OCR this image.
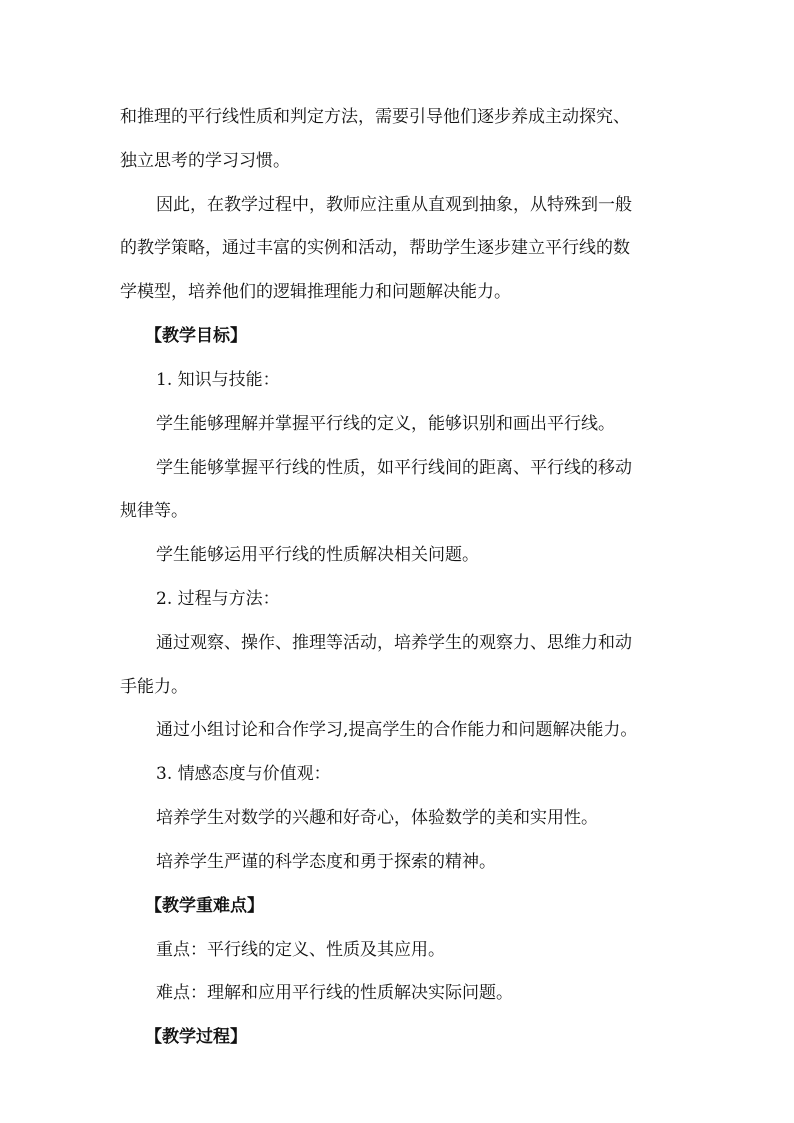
和推理的平行线性质和判定方法，需要引导他们逐步养成主动探究、
独立思考的学习习惯。
因此，在教学过程中，教师应注重从直观到抽象，从特殊到一般
的教学策略，通过丰富的实例和活动，帮助学生逐步建立平行线的数
学模型，培养他们的逻辑推理能力和问题解决能力。
【教学目标】
1. 知识与技能：
学生能够理解并掌握平行线的定义，能够识别和画出平行线。
学生能够掌握平行线的性质，如平行线间的距离、平行线的移动
规律等。
学生能够运用平行线的性质解决相关问题。
2. 过程与方法：
通过观察、操作、推理等活动，培养学生的观察力、思维力和动
手能力。
通过小组讨论和合作学习,提高学生的合作能力和问题解决能力。
3. 情感态度与价值观：
培养学生对数学的兴趣和好奇心，体验数学的美和实用性。
培养学生严谨的科学态度和勇于探索的精神。
【教学重难点】
重点：平行线的定义、性质及其应用。
难点：理解和应用平行线的性质解决实际问题。
【教学过程】
